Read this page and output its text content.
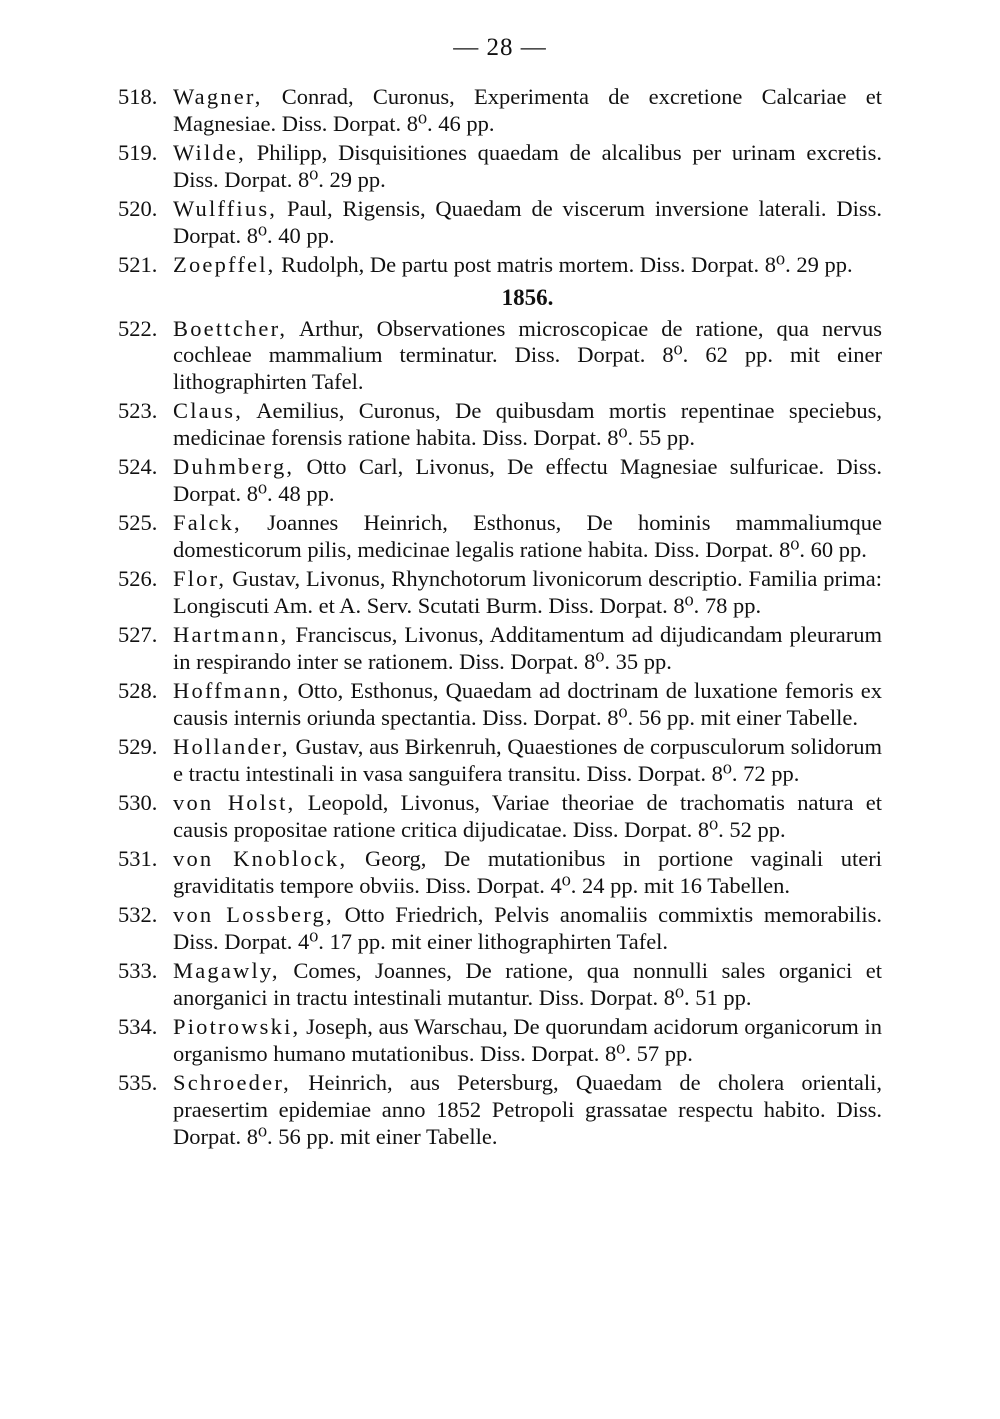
— 28 —
518. Wagner, Conrad, Curonus, Experimenta de excretione Calcariae et Magnesiae. Diss. Dorpat. 8⁰. 46 pp.
519. Wilde, Philipp, Disquisitiones quaedam de alcalibus per urinam excretis. Diss. Dorpat. 8⁰. 29 pp.
520. Wulffius, Paul, Rigensis, Quaedam de viscerum inversione laterali. Diss. Dorpat. 8⁰. 40 pp.
521. Zoepffel, Rudolph, De partu post matris mortem. Diss. Dorpat. 8⁰. 29 pp.
1856.
522. Boettcher, Arthur, Observationes microscopicae de ratione, qua nervus cochleae mammalium terminatur. Diss. Dorpat. 8⁰. 62 pp. mit einer lithographirten Tafel.
523. Claus, Aemilius, Curonus, De quibusdam mortis repentinae speciebus, medicinae forensis ratione habita. Diss. Dorpat. 8⁰. 55 pp.
524. Duhmberg, Otto Carl, Livonus, De effectu Magnesiae sulfuricae. Diss. Dorpat. 8⁰. 48 pp.
525. Falck, Joannes Heinrich, Esthonus, De hominis mammaliumque domesticorum pilis, medicinae legalis ratione habita. Diss. Dorpat. 8⁰. 60 pp.
526. Flor, Gustav, Livonus, Rhynchotorum livonicorum descriptio. Familia prima: Longiscuti Am. et A. Serv. Scutati Burm. Diss. Dorpat. 8⁰. 78 pp.
527. Hartmann, Franciscus, Livonus, Additamentum ad dijudicandam pleurarum in respirando inter se rationem. Diss. Dorpat. 8⁰. 35 pp.
528. Hoffmann, Otto, Esthonus, Quaedam ad doctrinam de luxatione femoris ex causis internis oriunda spectantia. Diss. Dorpat. 8⁰. 56 pp. mit einer Tabelle.
529. Hollander, Gustav, aus Birkenruh, Quaestiones de corpusculorum solidorum e tractu intestinali in vasa sanguifera transitu. Diss. Dorpat. 8⁰. 72 pp.
530. von Holst, Leopold, Livonus, Variae theoriae de trachomatis natura et causis propositae ratione critica dijudicatae. Diss. Dorpat. 8⁰. 52 pp.
531. von Knoblock, Georg, De mutationibus in portione vaginali uteri graviditatis tempore obviis. Diss. Dorpat. 4⁰. 24 pp. mit 16 Tabellen.
532. von Lossberg, Otto Friedrich, Pelvis anomaliis commixtis memorabilis. Diss. Dorpat. 4⁰. 17 pp. mit einer lithographirten Tafel.
533. Magawly, Comes, Joannes, De ratione, qua nonnulli sales organici et anorganici in tractu intestinali mutantur. Diss. Dorpat. 8⁰. 51 pp.
534. Piotrowski, Joseph, aus Warschau, De quorundam acidorum organicorum in organismo humano mutationibus. Diss. Dorpat. 8⁰. 57 pp.
535. Schroeder, Heinrich, aus Petersburg, Quaedam de cholera orientali, praesertim epidemiae anno 1852 Petropoli grassatae respectu habito. Diss. Dorpat. 8⁰. 56 pp. mit einer Tabelle.
